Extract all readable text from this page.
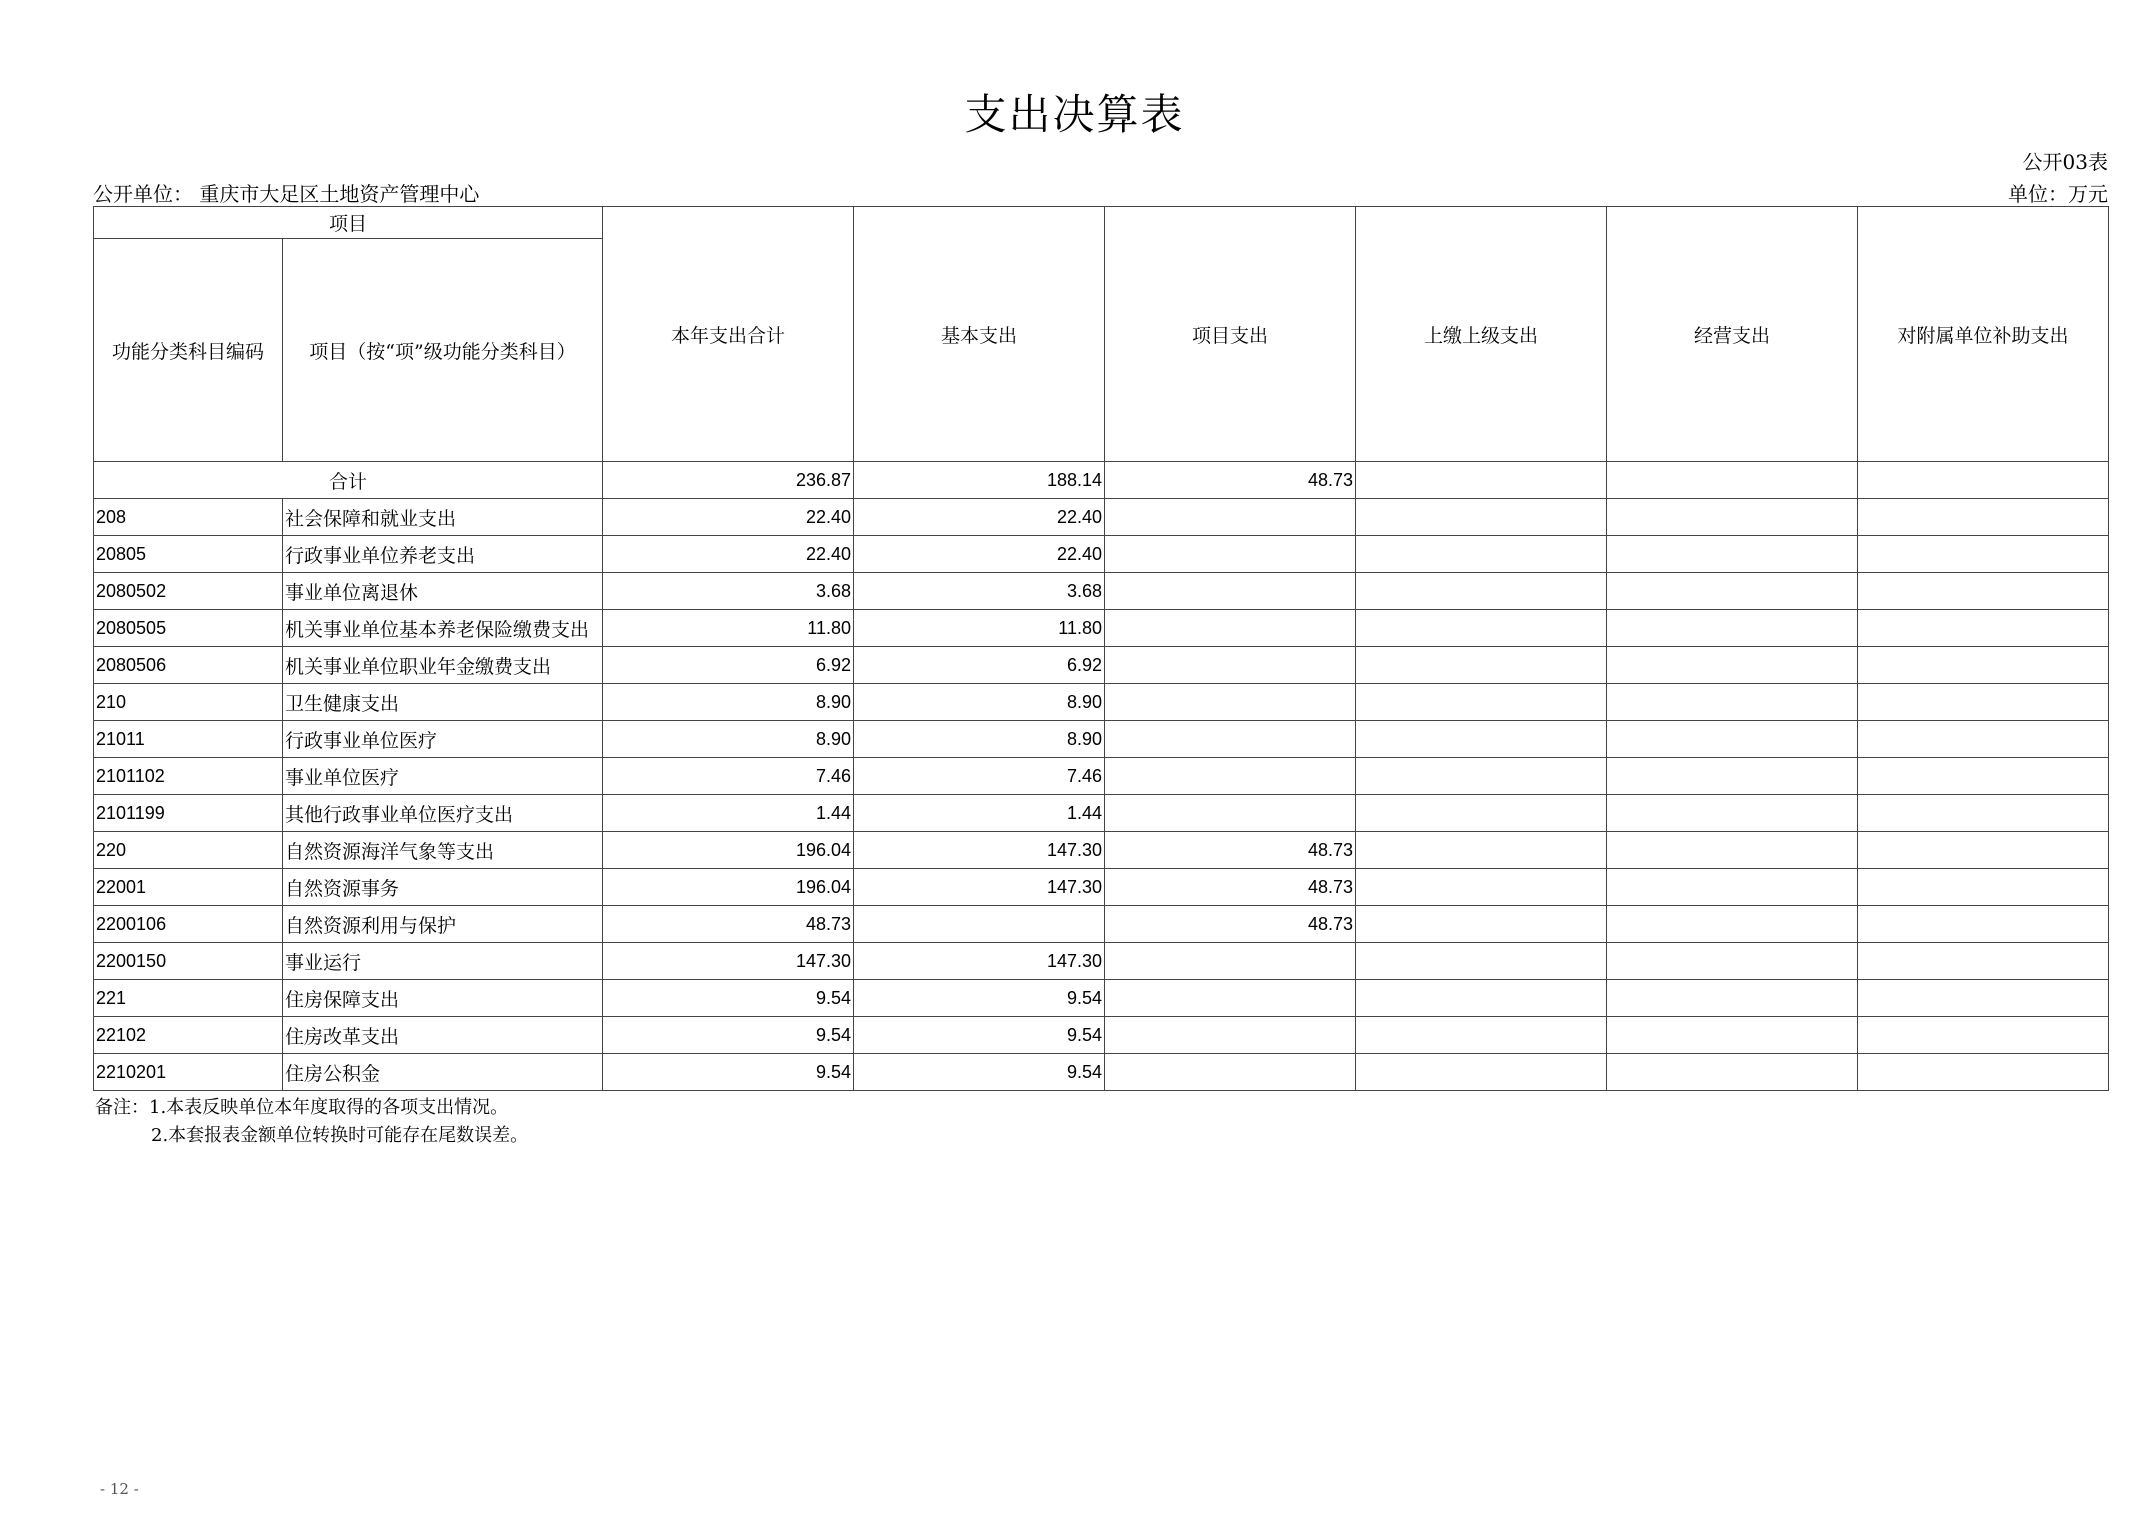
支出决算表
公开03表
公开单位： 重庆市大足区土地资产管理中心	单位：万元
项目		本年支出合计	基本支出	项目支出	上缴上级支出	经营支出	对附属单位补助支出
功能分类科目编码	项目（按“项”级功能分类科目）						
合计		236.87	188.14	48.73			
208	社会保障和就业支出	22.40	22.40				
20805	行政事业单位养老支出	22.40	22.40				
2080502	事业单位离退休	3.68	3.68				
2080505	机关事业单位基本养老保险缴费支出	11.80	11.80				
2080506	机关事业单位职业年金缴费支出	6.92	6.92				
210	卫生健康支出	8.90	8.90				
21011	行政事业单位医疗	8.90	8.90				
2101102	事业单位医疗	7.46	7.46				
2101199	其他行政事业单位医疗支出	1.44	1.44				
220	自然资源海洋气象等支出	196.04	147.30	48.73			
22001	自然资源事务	196.04	147.30	48.73			
2200106	自然资源利用与保护	48.73		48.73			
2200150	事业运行	147.30	147.30				
221	住房保障支出	9.54	9.54				
22102	住房改革支出	9.54	9.54				
2210201	住房公积金	9.54	9.54				
备注：1.本表反映单位本年度取得的各项支出情况。
2.本套报表金额单位转换时可能存在尾数误差。
- 12 -
